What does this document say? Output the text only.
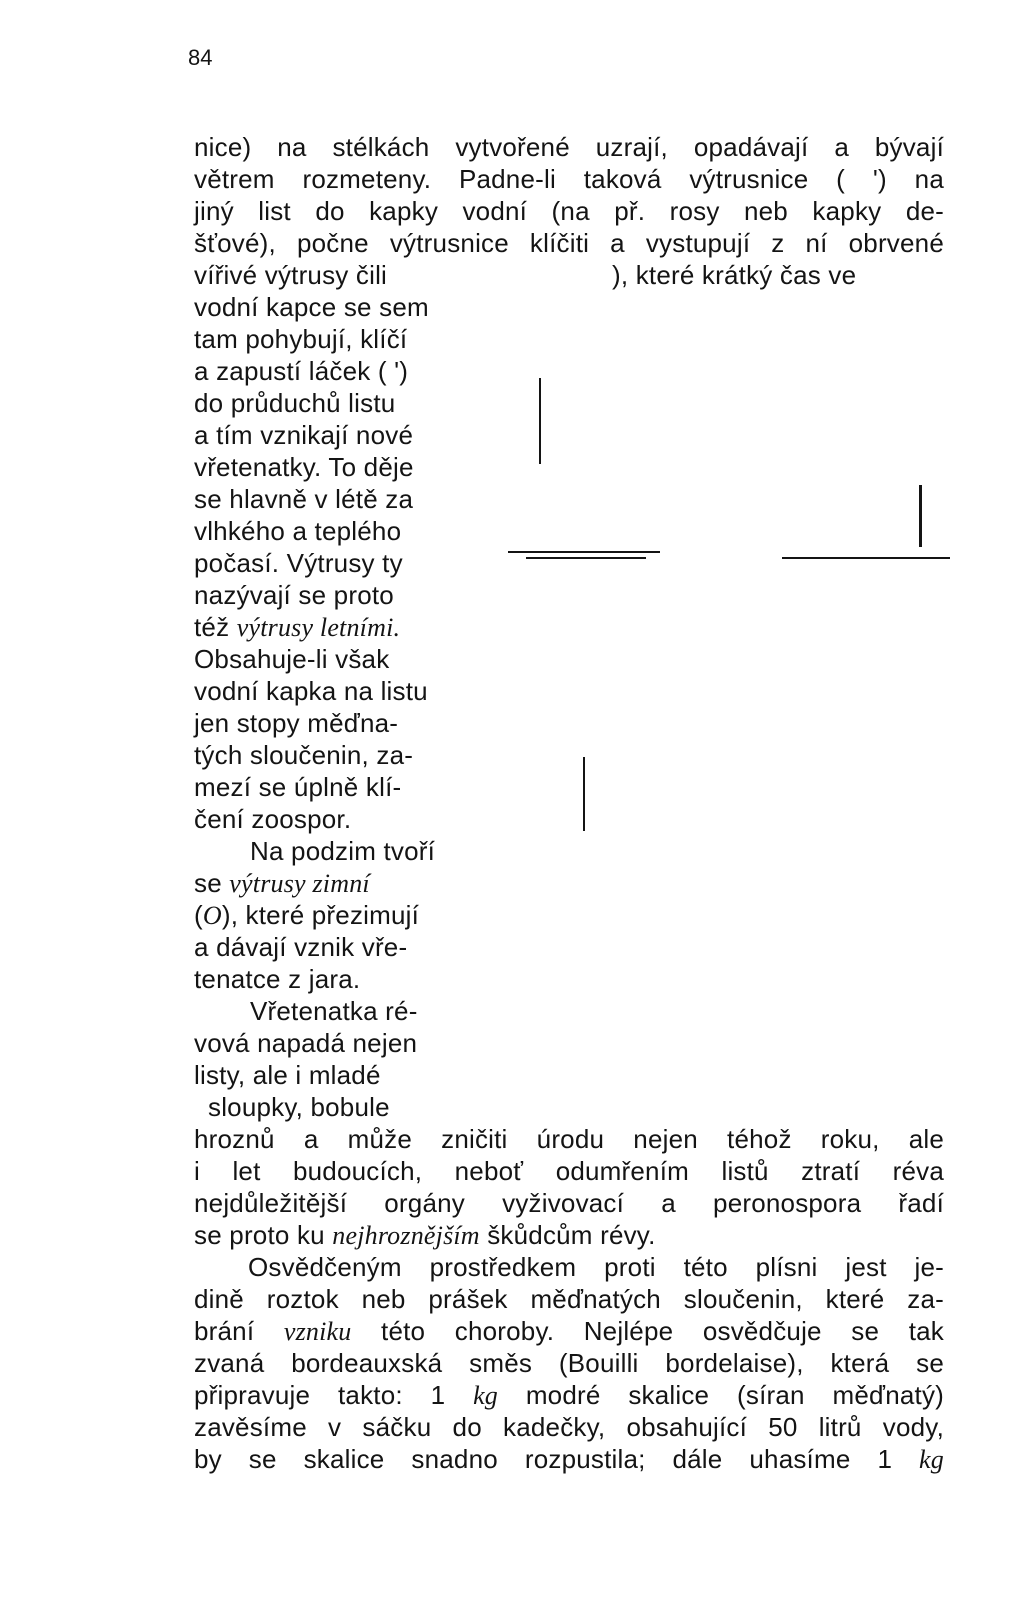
84
nice) na stélkách vytvořené uzrají, opadávají a bývají
větrem rozmeteny. Padne-li taková výtrusnice ( ') na
jiný list do kapky vodní (na př. rosy neb kapky de-
šťové), počne výtrusnice klíčiti a vystupují z ní obrvené
vířivé výtrusy čili	), které krátký čas ve
vodní kapce se sem
tam pohybují, klíčí
a zapustí láček ( ')
do průduchů listu
a tím vznikají nové
vřetenatky. To děje
se hlavně v létě za
vlhkého a teplého
počasí. Výtrusy ty
nazývají se proto
též výtrusy letními.
Obsahuje-li však
vodní kapka na listu
jen stopy měďna-
tých sloučenin, za-
mezí se úplně klí-
čení zoospor.
Na podzim tvoří
se výtrusy zimní
(O), které přezimují
a dávají vznik vře-
tenatce z jara.
Vřetenatka ré-
vová napadá nejen
listy, ale i mladé
sloupky, bobule
hroznů a může zničiti úrodu nejen téhož roku, ale
i let budoucích, neboť odumřením listů ztratí réva
nejdůležitější orgány vyživovací a peronospora řadí
se proto ku nejhroznějším škůdcům révy.
Osvědčeným prostředkem proti této plísni jest je-
dině roztok neb prášek měďnatých sloučenin, které za-
brání vzniku této choroby. Nejlépe osvědčuje se tak
zvaná bordeauxská směs (Bouilli bordelaise), která se
připravuje takto: 1 kg modré skalice (síran měďnatý)
zavěsíme v sáčku do kadečky, obsahující 50 litrů vody,
by se skalice snadno rozpustila; dále uhasíme 1 kg
